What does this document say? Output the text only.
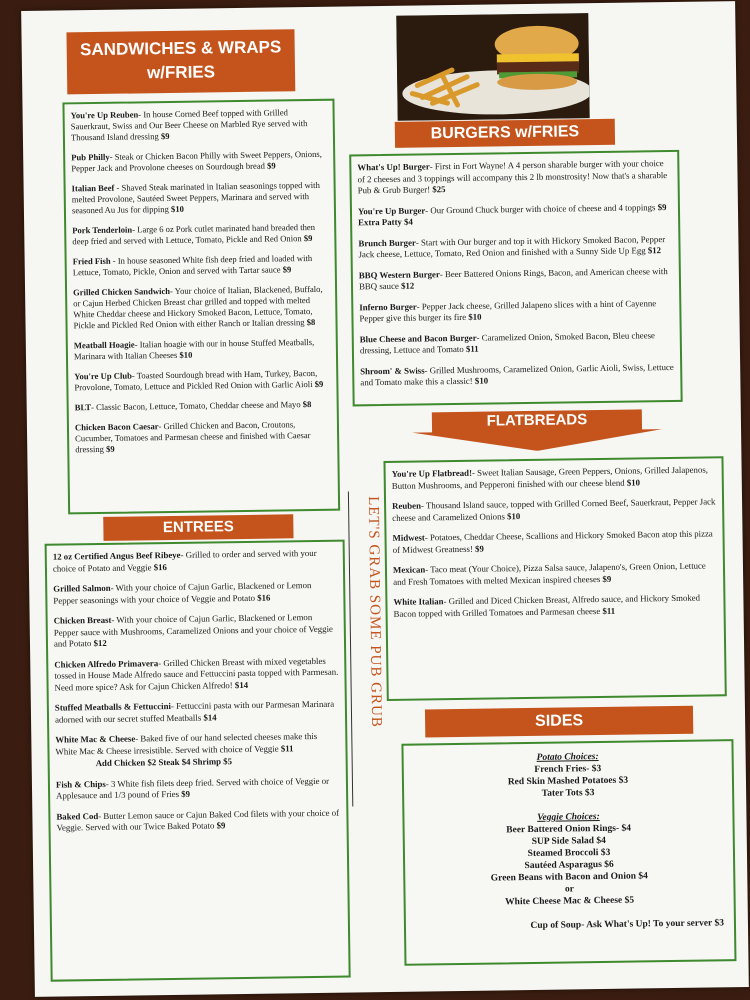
SANDWICHES & WRAPS w/FRIES
You're Up Reuben- In house Corned Beef topped with Grilled Sauerkraut, Swiss and Our Beer Cheese on Marbled Rye served with Thousand Island dressing $9
Pub Philly- Steak or Chicken Bacon Philly with Sweet Peppers, Onions, Pepper Jack and Provolone cheeses on Sourdough bread $9
Italian Beef - Shaved Steak marinated in Italian seasonings topped with melted Provolone, Sautéed Sweet Peppers, Marinara and served with seasoned Au Jus for dipping $10
Pork Tenderloin- Large 6 oz Pork cutlet marinated hand breaded then deep fried and served with Lettuce, Tomato, Pickle and Red Onion $9
Fried Fish - In house seasoned White fish deep fried and loaded with Lettuce, Tomato, Pickle, Onion and served with Tartar sauce $9
Grilled Chicken Sandwich- Your choice of Italian, Blackened, Buffalo, or Cajun Herbed Chicken Breast char grilled and topped with melted White Cheddar cheese and Hickory Smoked Bacon, Lettuce, Tomato, Pickle and Pickled Red Onion with either Ranch or Italian dressing $8
Meatball Hoagie- Italian hoagie with our in house Stuffed Meatballs, Marinara with Italian Cheeses $10
You're Up Club- Toasted Sourdough bread with Ham, Turkey, Bacon, Provolone, Tomato, Lettuce and Pickled Red Onion with Garlic Aioli $9
BLT- Classic Bacon, Lettuce, Tomato, Cheddar cheese and Mayo $8
Chicken Bacon Caesar- Grilled Chicken and Bacon, Croutons, Cucumber, Tomatoes and Parmesan cheese and finished with Caesar dressing $9
ENTREES
12 oz Certified Angus Beef Ribeye- Grilled to order and served with your choice of Potato and Veggie $16
Grilled Salmon- With your choice of Cajun Garlic, Blackened or Lemon Pepper seasonings with your choice of Veggie and Potato $16
Chicken Breast- With your choice of Cajun Garlic, Blackened or Lemon Pepper sauce with Mushrooms, Caramelized Onions and your choice of Veggie and Potato $12
Chicken Alfredo Primavera- Grilled Chicken Breast with mixed vegetables tossed in House Made Alfredo sauce and Fettuccini pasta topped with Parmesan. Need more spice? Ask for Cajun Chicken Alfredo! $14
Stuffed Meatballs & Fettuccini- Fettuccini pasta with our Parmesan Marinara adorned with our secret stuffed Meatballs $14
White Mac & Cheese- Baked five of our hand selected cheeses make this White Mac & Cheese irresistible. Served with choice of Veggie $11
Add Chicken $2 Steak $4 Shrimp $5
Fish & Chips- 3 White fish filets deep fried. Served with choice of Veggie or Applesauce and 1/3 pound of Fries $9
Baked Cod- Butter Lemon sauce or Cajun Baked Cod filets with your choice of Veggie. Served with our Twice Baked Potato $9
LET'S GRAB SOME PUB GRUB
BURGERS w/FRIES
What's Up! Burger- First in Fort Wayne! A 4 person sharable burger with your choice of 2 cheeses and 3 toppings will accompany this 2 lb monstrosity! Now that's a sharable Pub & Grub Burger! $25
You're Up Burger- Our Ground Chuck burger with choice of cheese and 4 toppings $9 Extra Patty $4
Brunch Burger- Start with Our burger and top it with Hickory Smoked Bacon, Pepper Jack cheese, Lettuce, Tomato, Red Onion and finished with a Sunny Side Up Egg $12
BBQ Western Burger- Beer Battered Onions Rings, Bacon, and American cheese with BBQ sauce $12
Inferno Burger- Pepper Jack cheese, Grilled Jalapeno slices with a hint of Cayenne Pepper give this burger its fire $10
Blue Cheese and Bacon Burger- Caramelized Onion, Smoked Bacon, Bleu cheese dressing, Lettuce and Tomato $11
Shroom' & Swiss- Grilled Mushrooms, Caramelized Onion, Garlic Aioli, Swiss, Lettuce and Tomato make this a classic! $10
FLATBREADS
You're Up Flatbread!- Sweet Italian Sausage, Green Peppers, Onions, Grilled Jalapenos, Button Mushrooms, and Pepperoni finished with our cheese blend $10
Reuben- Thousand Island sauce, topped with Grilled Corned Beef, Sauerkraut, Pepper Jack cheese and Caramelized Onions $10
Midwest- Potatoes, Cheddar Cheese, Scallions and Hickory Smoked Bacon atop this pizza of Midwest Greatness! $9
Mexican- Taco meat (Your Choice), Pizza Salsa sauce, Jalapeno's, Green Onion, Lettuce and Fresh Tomatoes with melted Mexican inspired cheeses $9
White Italian- Grilled and Diced Chicken Breast, Alfredo sauce, and Hickory Smoked Bacon topped with Grilled Tomatoes and Parmesan cheese $11
SIDES
Potato Choices:
French Fries- $3
Red Skin Mashed Potatoes $3
Tater Tots $3
Veggie Choices:
Beer Battered Onion Rings- $4
SUP Side Salad $4
Steamed Broccoli $3
Sautéed Asparagus $6
Green Beans with Bacon and Onion $4
or
White Cheese Mac & Cheese $5
Cup of Soup- Ask What's Up! To your server $3
